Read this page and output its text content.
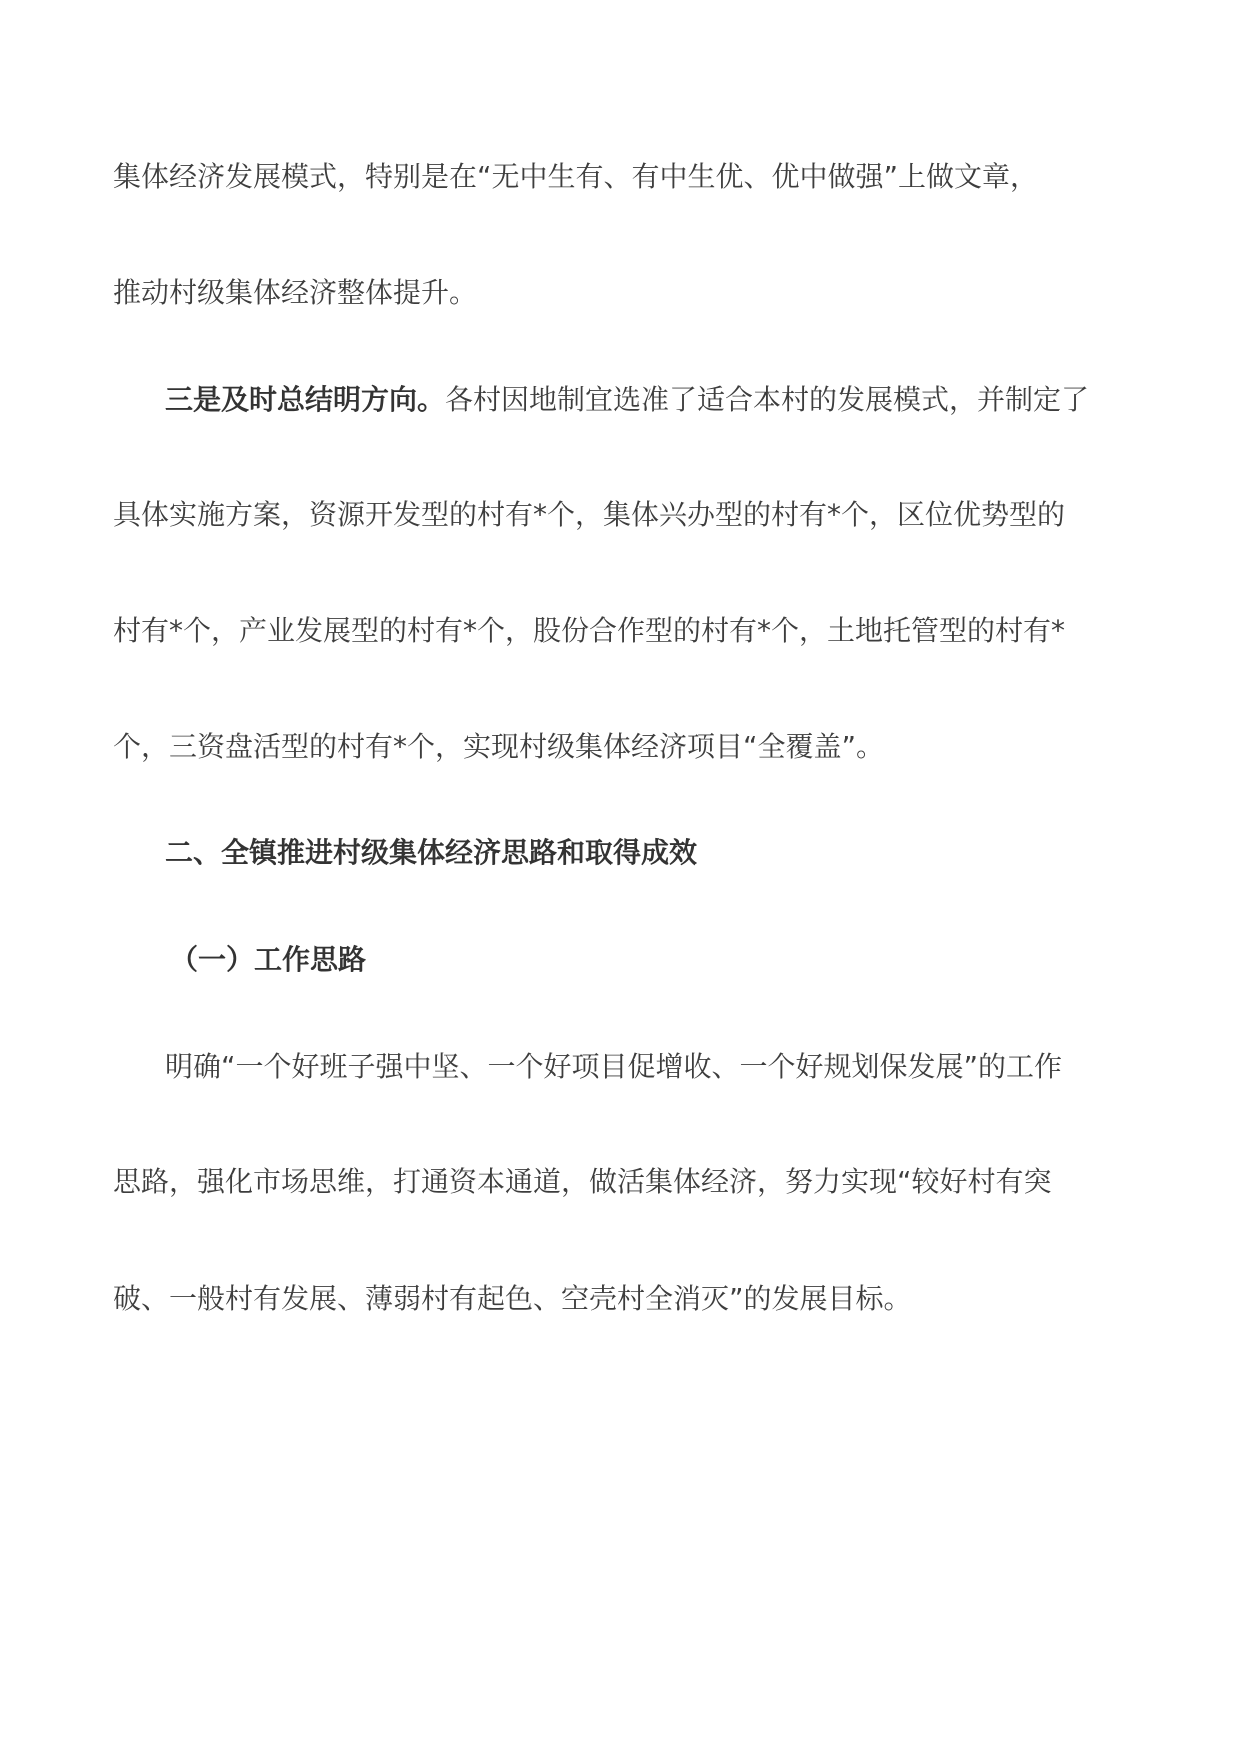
集体经济发展模式，特别是在“无中生有、有中生优、优中做强”上做文章，
推动村级集体经济整体提升。
三是及时总结明方向。各村因地制宜选准了适合本村的发展模式，并制定了
具体实施方案，资源开发型的村有*个，集体兴办型的村有*个，区位优势型的
村有*个，产业发展型的村有*个，股份合作型的村有*个，土地托管型的村有*
个，三资盘活型的村有*个，实现村级集体经济项目“全覆盖”。
二、全镇推进村级集体经济思路和取得成效
（一）工作思路
明确“一个好班子强中坚、一个好项目促增收、一个好规划保发展”的工作
思路，强化市场思维，打通资本通道，做活集体经济，努力实现“较好村有突
破、一般村有发展、薄弱村有起色、空壳村全消灭”的发展目标。
